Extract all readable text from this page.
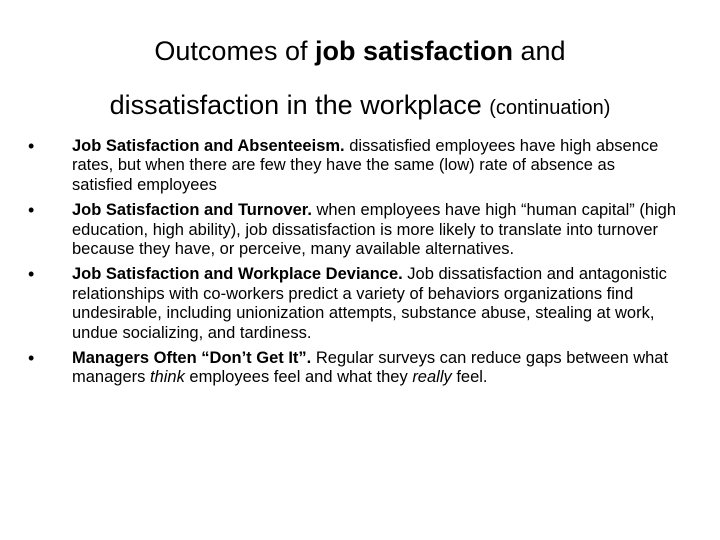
Outcomes of job satisfaction and
dissatisfaction in the workplace (continuation)
•	Job Satisfaction and Absenteeism. dissatisfied employees have high absence rates, but when there are few they have the same (low) rate of absence as satisfied employees
•	Job Satisfaction and Turnover. when employees have high “human capital” (high education, high ability), job dissatisfaction is more likely to translate into turnover because they have, or perceive, many available alternatives.
•	Job Satisfaction and Workplace Deviance. Job dissatisfaction and antagonistic relationships with co-workers predict a variety of behaviors organizations find undesirable, including unionization attempts, substance abuse, stealing at work, undue socializing, and tardiness.
•	Managers Often “Don’t Get It”. Regular surveys can reduce gaps between what managers think employees feel and what they really feel.
